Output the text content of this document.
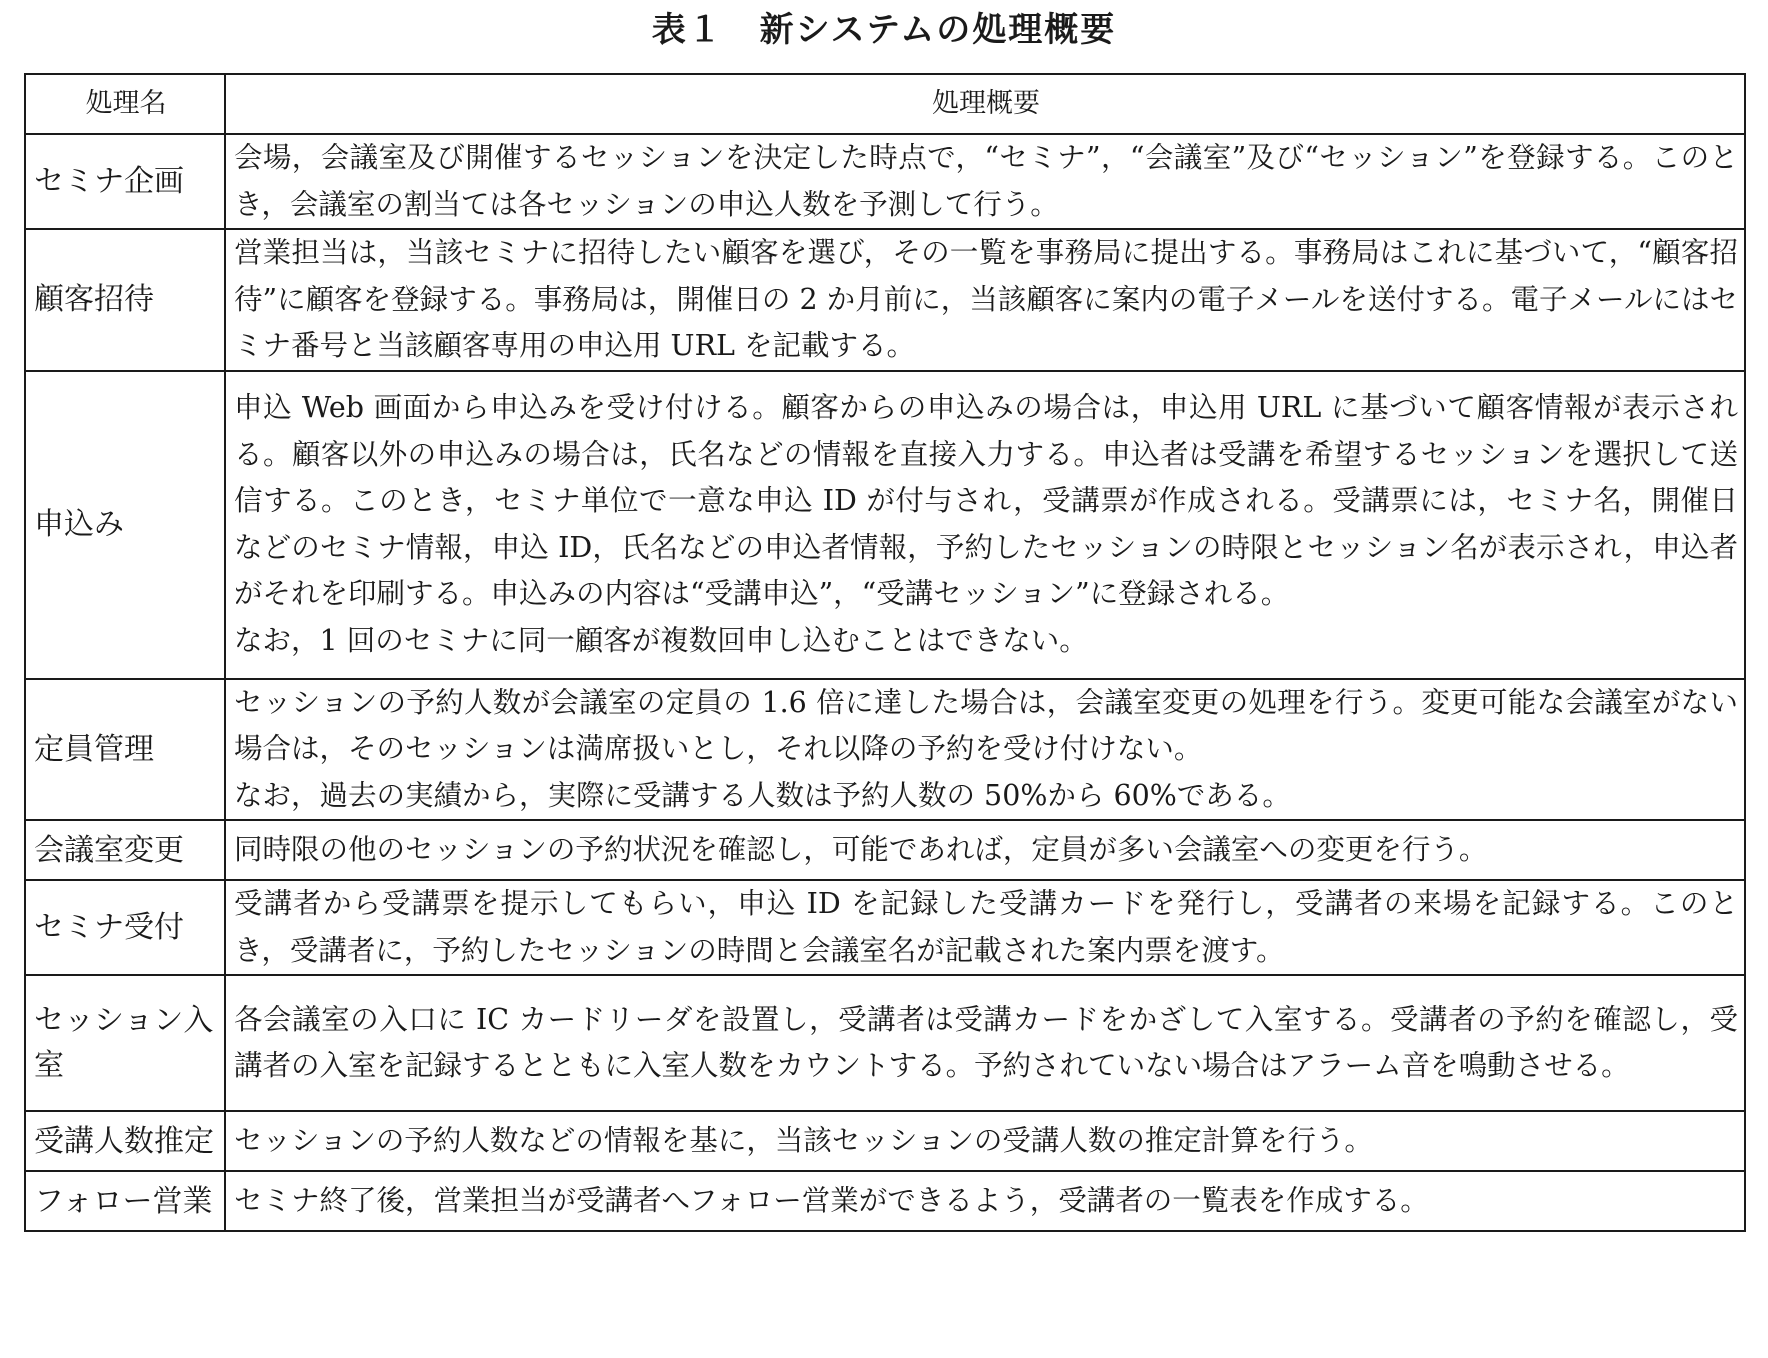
表１　新システムの処理概要
処理名	処理概要
セミナ企画	会場，会議室及び開催するセッションを決定した時点で，“セミナ”，“会議室”及び“セッション”を登録する。このとき，会議室の割当ては各セッションの申込人数を予測して行う。

顧客招待	営業担当は，当該セミナに招待したい顧客を選び，その一覧を事務局に提出する。事務局はこれに基づいて，“顧客招待”に顧客を登録する。事務局は，開催日の 2 か月前に，当該顧客に案内の電子メールを送付する。電子メールにはセミナ番号と当該顧客専用の申込用 URL を記載する。

申込み	申込 Web 画面から申込みを受け付ける。顧客からの申込みの場合は，申込用 URL に基づいて顧客情報が表示される。顧客以外の申込みの場合は，氏名などの情報を直接入力する。申込者は受講を希望するセッションを選択して送信する。このとき，セミナ単位で一意な申込 ID が付与され，受講票が作成される。受講票には，セミナ名，開催日などのセミナ情報，申込 ID，氏名などの申込者情報，予約したセッションの時限とセッション名が表示され，申込者がそれを印刷する。申込みの内容は“受講申込”，“受講セッション”に登録される。
なお，1 回のセミナに同一顧客が複数回申し込むことはできない。

定員管理	セッションの予約人数が会議室の定員の 1.6 倍に達した場合は，会議室変更の処理を行う。変更可能な会議室がない場合は，そのセッションは満席扱いとし，それ以降の予約を受け付けない。
なお，過去の実績から，実際に受講する人数は予約人数の 50%から 60%である。

会議室変更	同時限の他のセッションの予約状況を確認し，可能であれば，定員が多い会議室への変更を行う。

セミナ受付	受講者から受講票を提示してもらい，申込 ID を記録した受講カードを発行し，受講者の来場を記録する。このとき，受講者に，予約したセッションの時間と会議室名が記載された案内票を渡す。

セッション入室	各会議室の入口に IC カードリーダを設置し，受講者は受講カードをかざして入室する。受講者の予約を確認し，受講者の入室を記録するとともに入室人数をカウントする。予約されていない場合はアラーム音を鳴動させる。

受講人数推定	セッションの予約人数などの情報を基に，当該セッションの受講人数の推定計算を行う。

フォロー営業	セミナ終了後，営業担当が受講者へフォロー営業ができるよう，受講者の一覧表を作成する。
